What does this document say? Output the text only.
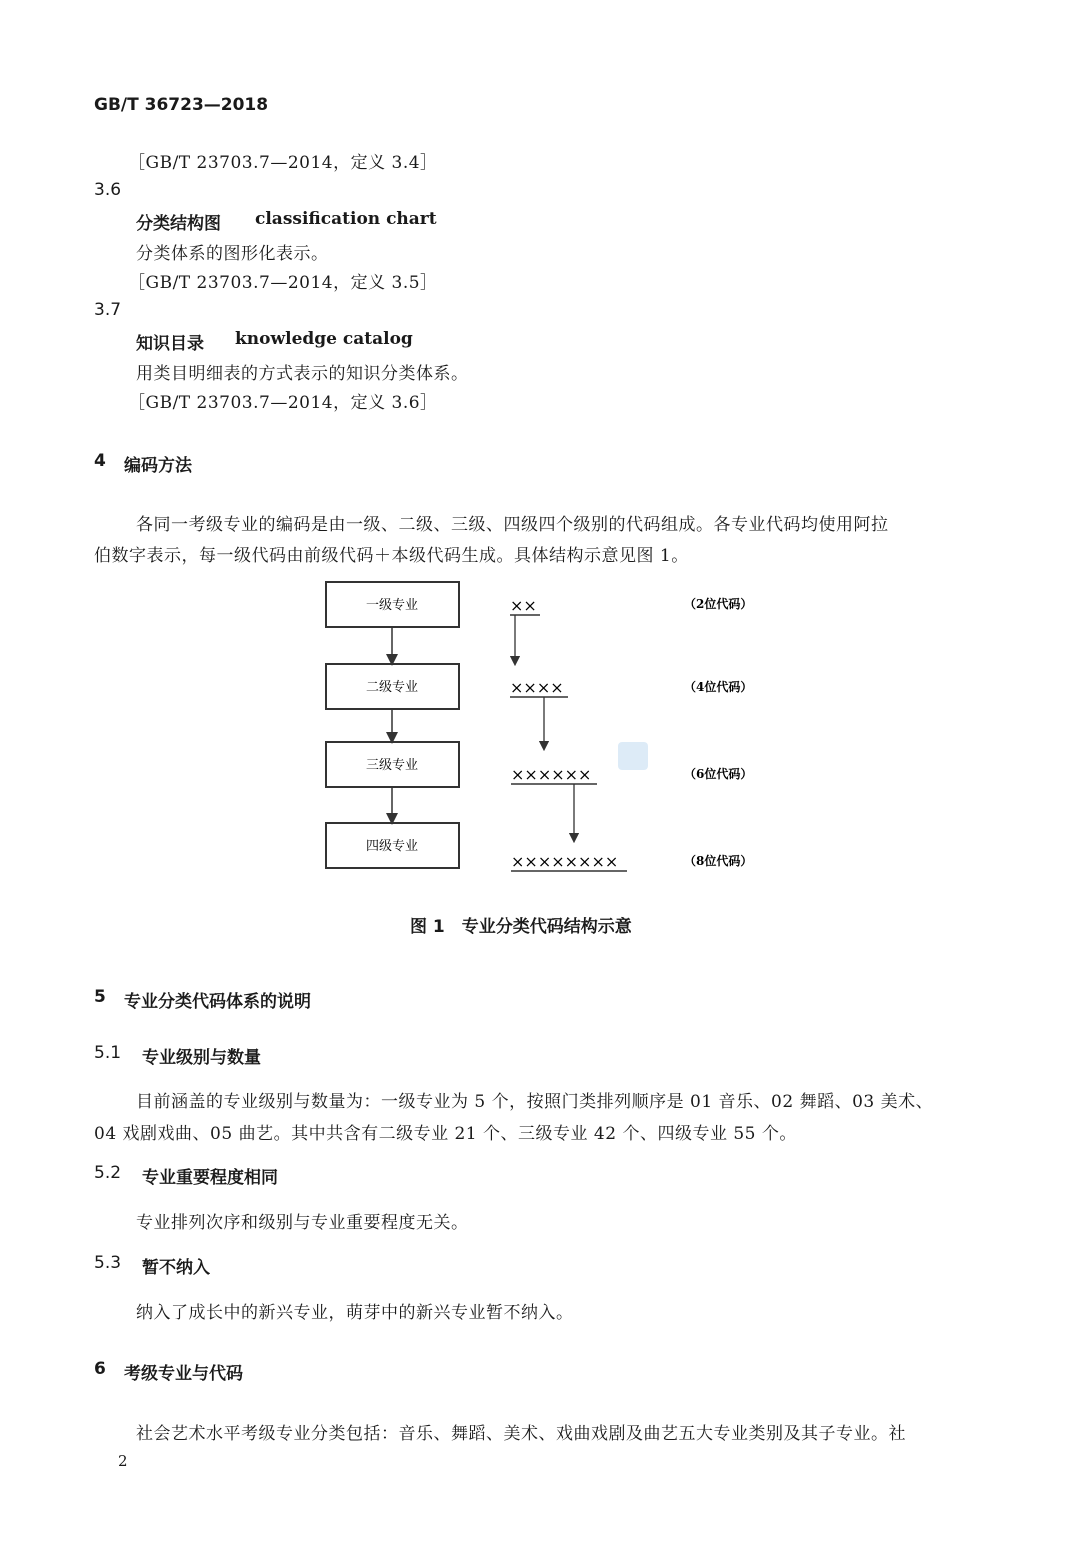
GB/T 36723—2018
［GB/T 23703.7—2014，定义 3.4］
3.6
分类结构图 classification chart
分类体系的图形化表示。
［GB/T 23703.7—2014，定义 3.5］
3.7
知识目录 knowledge catalog
用类目明细表的方式表示的知识分类体系。
［GB/T 23703.7—2014，定义 3.6］
4 编码方法
各同一考级专业的编码是由一级、二级、三级、四级四个级别的代码组成。各专业代码均使用阿拉
伯数字表示，每一级代码由前级代码＋本级代码生成。具体结构示意见图 1。
一级专业
二级专业
三级专业
四级专业
××
××××
××××××
××××××××
（2位代码）
（4位代码）
（6位代码）
（8位代码）
图 1　专业分类代码结构示意
5 专业分类代码体系的说明
5.1 专业级别与数量
目前涵盖的专业级别与数量为：一级专业为 5 个，按照门类排列顺序是 01 音乐、02 舞蹈、03 美术、
04 戏剧戏曲、05 曲艺。其中共含有二级专业 21 个、三级专业 42 个、四级专业 55 个。
5.2 专业重要程度相同
专业排列次序和级别与专业重要程度无关。
5.3 暂不纳入
纳入了成长中的新兴专业，萌芽中的新兴专业暂不纳入。
6 考级专业与代码
社会艺术水平考级专业分类包括：音乐、舞蹈、美术、戏曲戏剧及曲艺五大专业类别及其子专业。社
2
